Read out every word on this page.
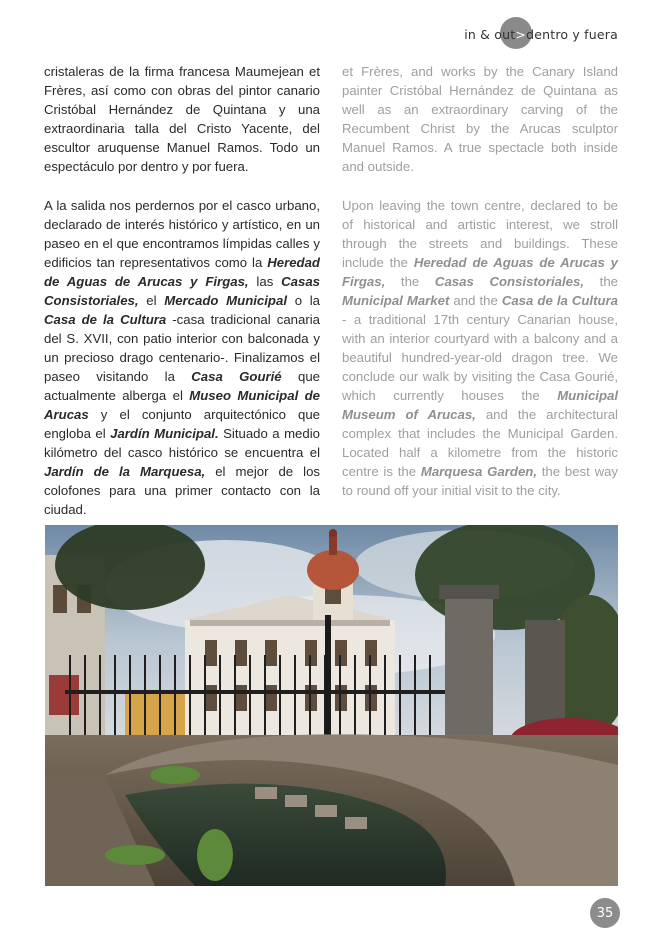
in & out > dentro y fuera

cristaleras de la firma francesa Maumejean et Frères, así como con obras del pintor canario Cristóbal Hernández de Quintana y una extraordinaria talla del Cristo Yacente, del escultor aruquense Manuel Ramos. Todo un espectáculo por dentro y por fuera.

A la salida nos perdernos por el casco urbano, declarado de interés histórico y artístico, en un paseo en el que encontramos límpidas calles y edificios tan representativos como la Heredad de Aguas de Arucas y Firgas, las Casas Consistoriales, el Mercado Municipal o la Casa de la Cultura -casa tradicional canaria del S. XVII, con patio interior con balconada y un precioso drago centenario-. Finalizamos el paseo visitando la Casa Gourié que actualmente alberga el Museo Municipal de Arucas y el conjunto arquitectónico que engloba el Jardín Municipal. Situado a medio kilómetro del casco histórico se encuentra el Jardín de la Marquesa, el mejor de los colofones para una primer contacto con la ciudad.

et Frères, and works by the Canary Island painter Cristóbal Hernández de Quintana as well as an extraordinary carving of the Recumbent Christ by the Arucas sculptor Manuel Ramos. A true spectacle both inside and outside.

Upon leaving the town centre, declared to be of historical and artistic interest, we stroll through the streets and buildings. These include the Heredad de Aguas de Arucas y Firgas, the Casas Consistoriales, the Municipal Market and the Casa de la Cultura - a traditional 17th century Canarian house, with an interior courtyard with a balcony and a beautiful hundred-year-old dragon tree. We conclude our walk by visiting the Casa Gourié, which currently houses the Municipal Museum of Arucas, and the architectural complex that includes the Municipal Garden. Located half a kilometre from the historic centre is the Marquesa Garden, the best way to round off your initial visit to the city.

35
